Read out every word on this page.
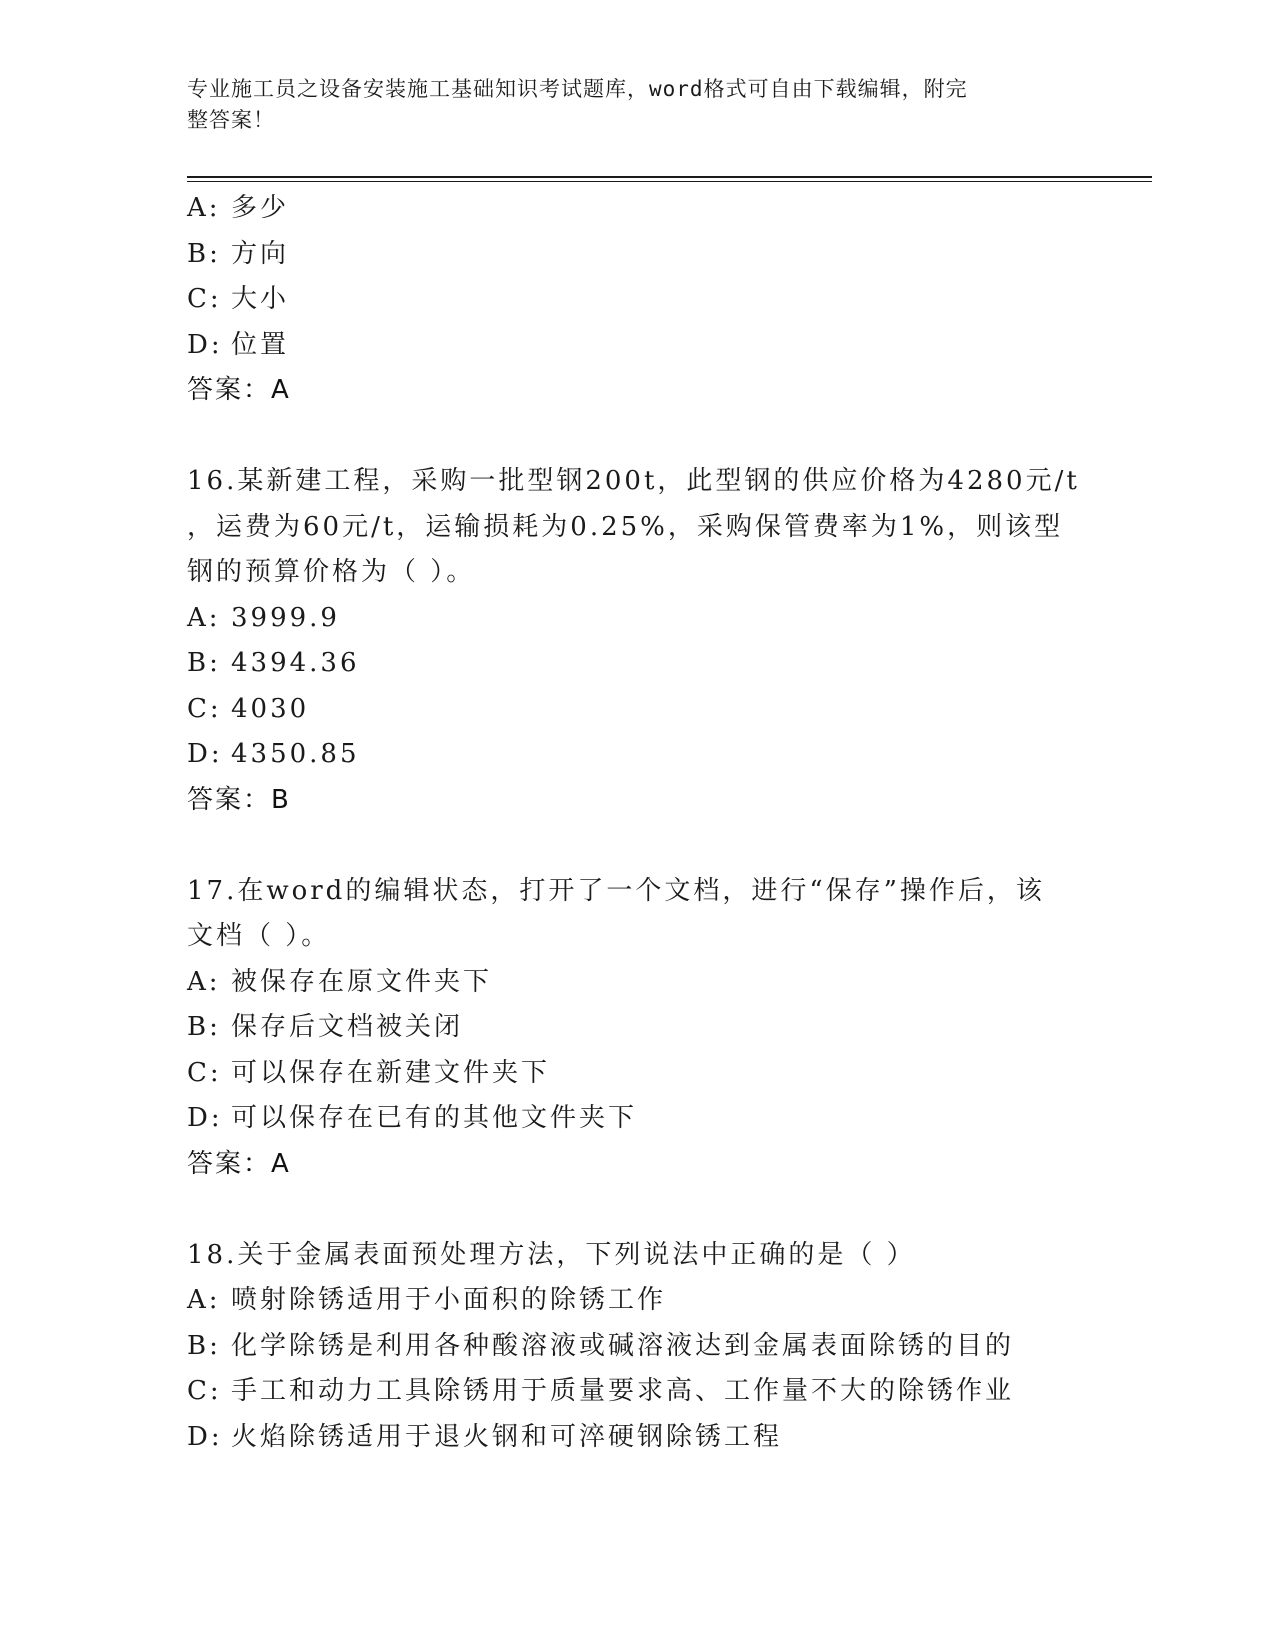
专业施工员之设备安装施工基础知识考试题库，word格式可自由下载编辑，附完
整答案！
A: 多少
B: 方向
C: 大小
D: 位置
答案：A
16.某新建工程，采购一批型钢200t，此型钢的供应价格为4280元/t
，运费为60元/t，运输损耗为0.25%，采购保管费率为1%，则该型
钢的预算价格为（ ）。
A: 3999.9
B: 4394.36
C: 4030
D: 4350.85
答案：B
17.在word的编辑状态，打开了一个文档，进行“保存”操作后，该
文档（ ）。
A: 被保存在原文件夹下
B: 保存后文档被关闭
C: 可以保存在新建文件夹下
D: 可以保存在已有的其他文件夹下
答案：A
18.关于金属表面预处理方法，下列说法中正确的是（ ）
A: 喷射除锈适用于小面积的除锈工作
B: 化学除锈是利用各种酸溶液或碱溶液达到金属表面除锈的目的
C: 手工和动力工具除锈用于质量要求高、工作量不大的除锈作业
D: 火焰除锈适用于退火钢和可淬硬钢除锈工程
